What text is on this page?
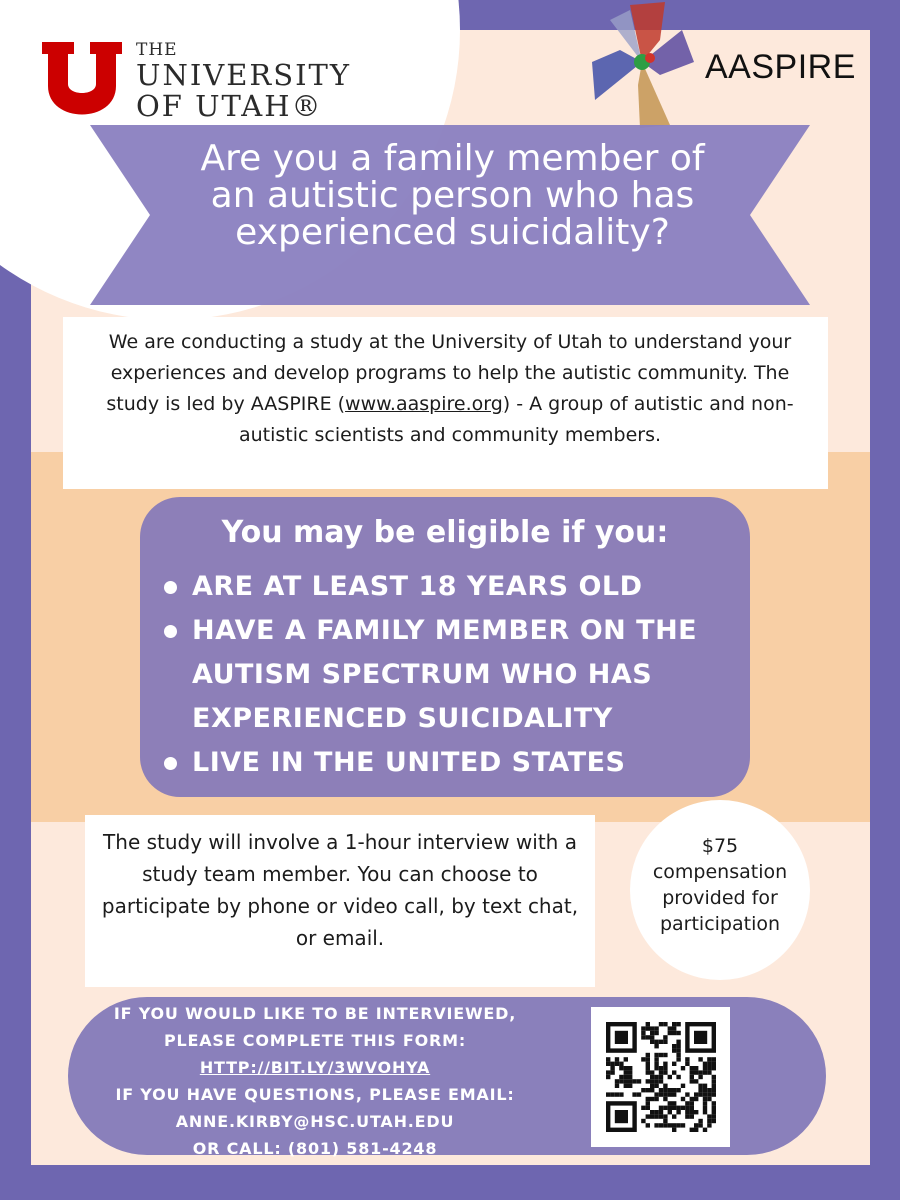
THE
UNIVERSITY
OF UTAH®
AASPIRE
Are you a family member of an autistic person who has experienced suicidality?
We are conducting a study at the University of Utah to understand your experiences and develop programs to help the autistic community. The study is led by AASPIRE (www.aaspire.org) - A group of autistic and non-autistic scientists and community members.
You may be eligible if you:
ARE AT LEAST 18 YEARS OLD
HAVE A FAMILY MEMBER ON THE AUTISM SPECTRUM WHO HAS EXPERIENCED SUICIDALITY
LIVE IN THE UNITED STATES
The study will involve a 1-hour interview with a study team member. You can choose to participate by phone or video call, by text chat, or email.
$75
compensation provided for participation
IF YOU WOULD LIKE TO BE INTERVIEWED, PLEASE COMPLETE THIS FORM: HTTP://BIT.LY/3WVOHYA
IF YOU HAVE QUESTIONS, PLEASE EMAIL: ANNE.KIRBY@HSC.UTAH.EDU
OR CALL: (801) 581-4248
